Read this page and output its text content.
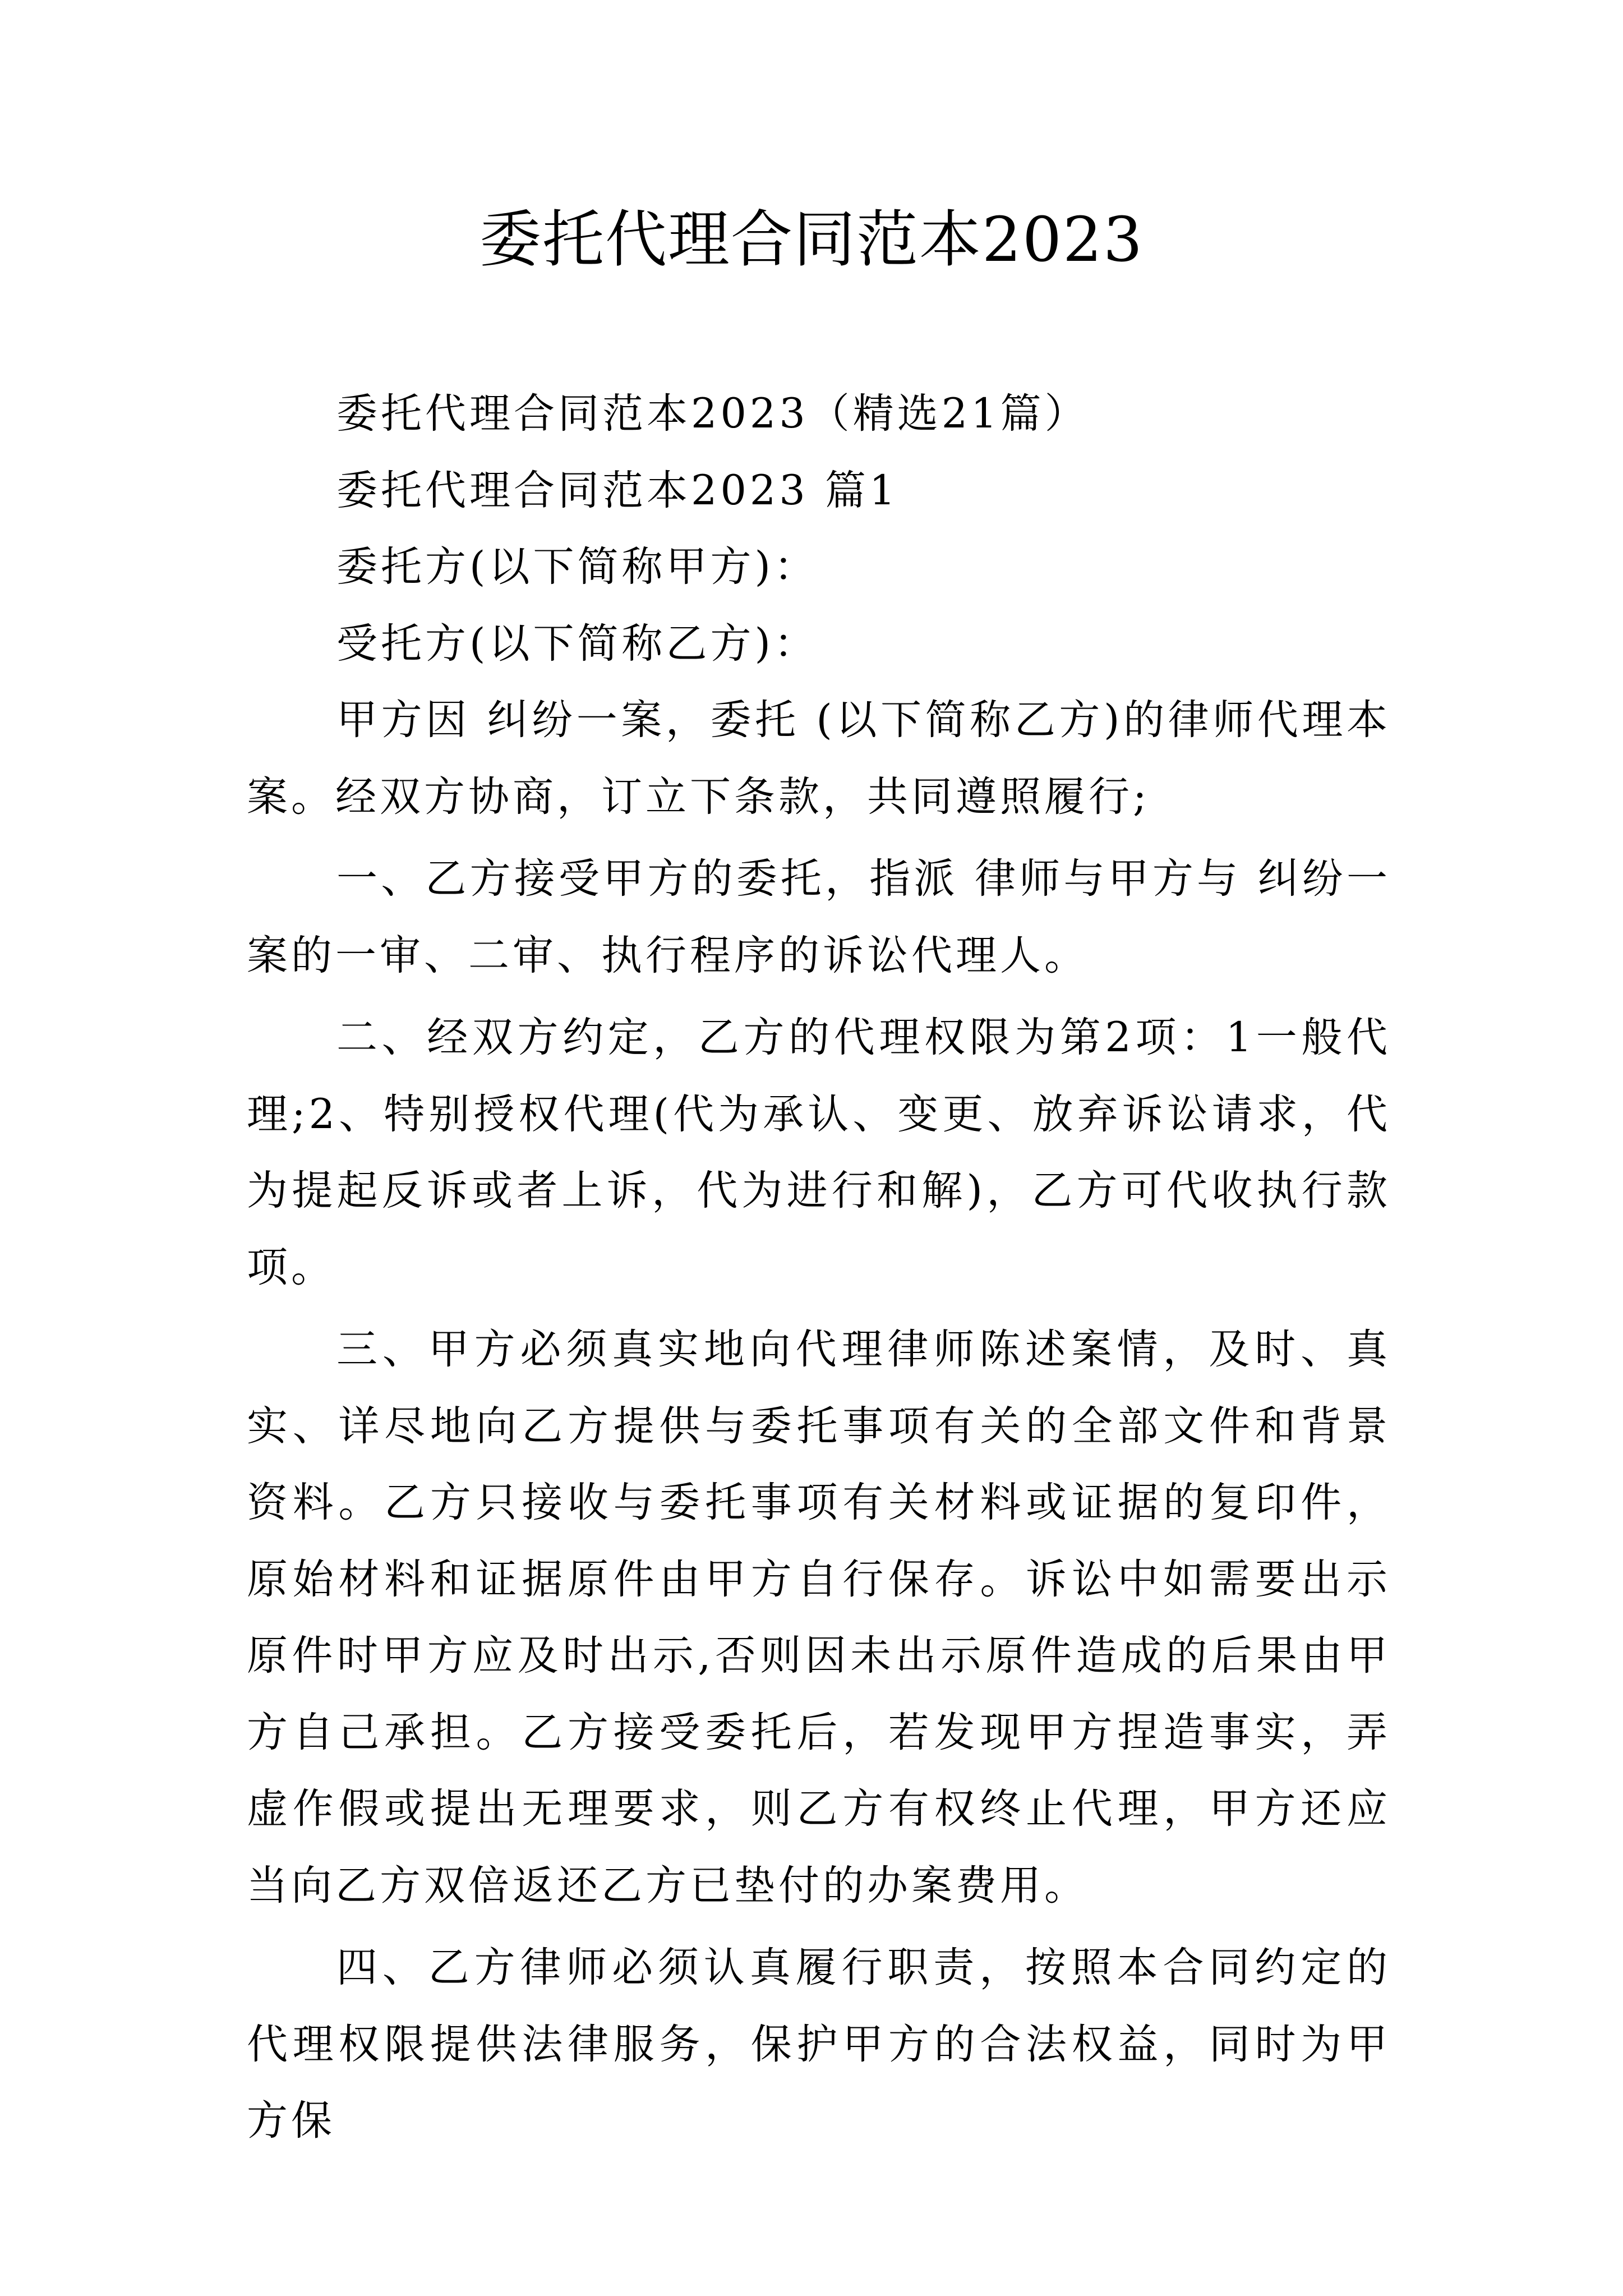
委托代理合同范本2023

委托代理合同范本2023（精选21篇）

委托代理合同范本2023 篇1

委托方(以下简称甲方)：

受托方(以下简称乙方)：

甲方因 纠纷一案，委托 (以下简称乙方)的律师代理本案。经双方协商，订立下条款，共同遵照履行;

一、乙方接受甲方的委托，指派 律师与甲方与 纠纷一案的一审、二审、执行程序的诉讼代理人。

二、经双方约定，乙方的代理权限为第2项：1一般代理;2、特别授权代理(代为承认、变更、放弃诉讼请求，代为提起反诉或者上诉，代为进行和解)，乙方可代收执行款项。

三、甲方必须真实地向代理律师陈述案情，及时、真实、详尽地向乙方提供与委托事项有关的全部文件和背景资料。乙方只接收与委托事项有关材料或证据的复印件，原始材料和证据原件由甲方自行保存。诉讼中如需要出示原件时甲方应及时出示,否则因未出示原件造成的后果由甲方自己承担。乙方接受委托后，若发现甲方捏造事实，弄虚作假或提出无理要求，则乙方有权终止代理，甲方还应当向乙方双倍返还乙方已垫付的办案费用。

四、乙方律师必须认真履行职责，按照本合同约定的代理权限提供法律服务，保护甲方的合法权益，同时为甲方保
